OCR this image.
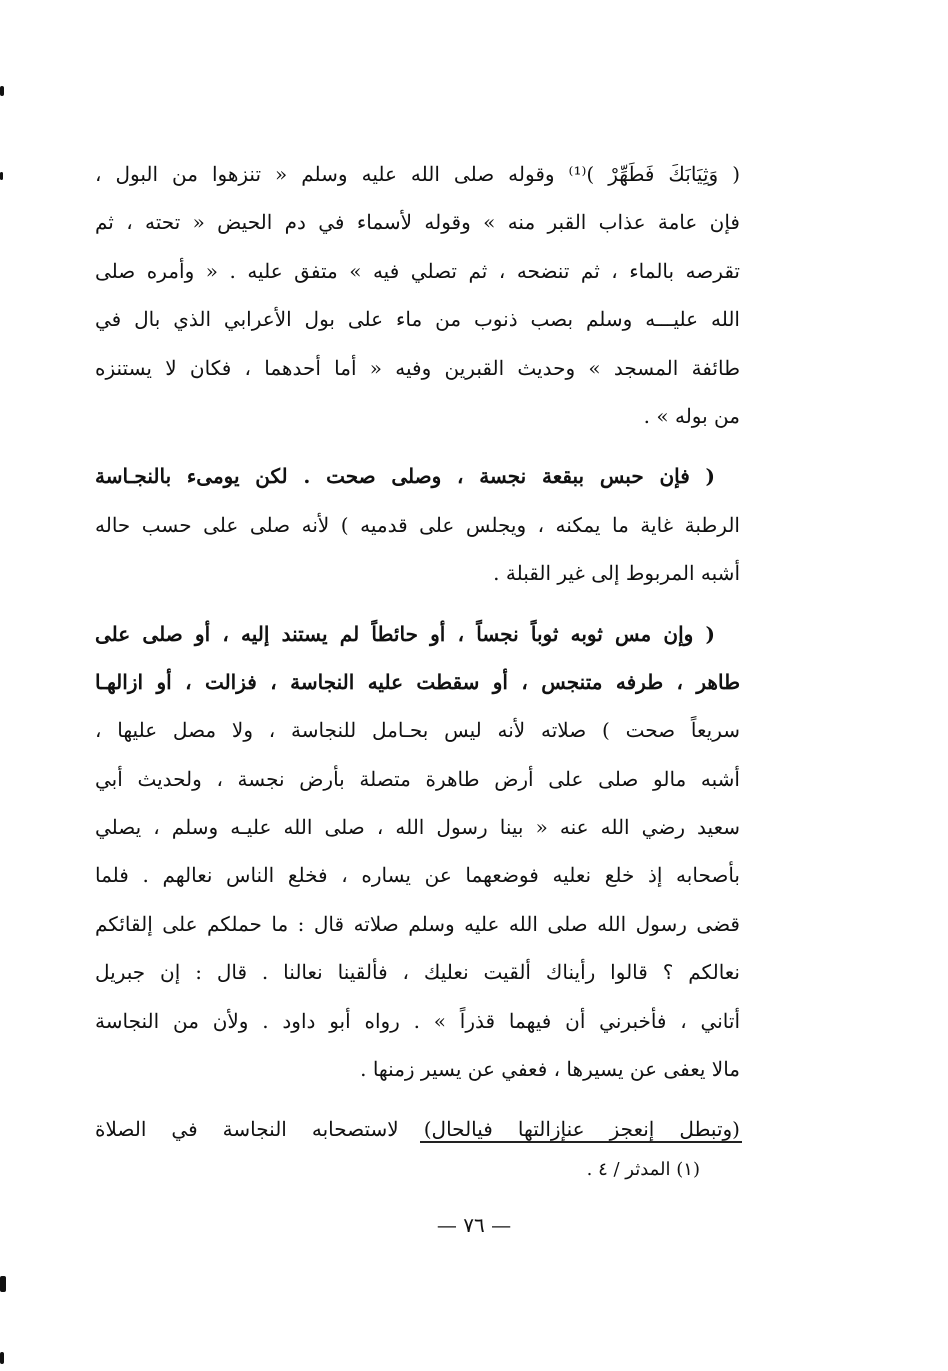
( وَثِيَابَكَ فَطَهِّرْ )⁽¹⁾ وقوله صلى الله عليه وسلم « تنزهوا من البول ،
فإن عامة عذاب القبر منه » وقوله لأسماء في دم الحيض « تحته ، ثم
تقرصه بالماء ، ثم تنضحه ، ثم تصلي فيه » متفق عليه . « وأمره صلى
الله عليـــه وسلم بصب ذنوب من ماء على بول الأعرابي الذي بال في
طائفة المسجد » وحديث القبرين وفيه « أما أحدهما ، فكان لا يستنزه
من بوله » .
( فإن حبس ببقعة نجسة ، وصلى صحت . لكن يومىء بالنجـاسة
الرطبة غاية ما يمكنه ، ويجلس على قدميه ) لأنه صلى على حسب حاله
أشبه المربوط إلى غير القبلة .
( وإن مس ثوبه ثوباً نجساً ، أو حائطاً لم يستند إليه ، أو صلى على
طاهر ، طرفه متنجس ، أو سقطت عليه النجاسة ، فزالت ، أو ازالهـا
سريعاً صحت ) صلاته لأنه ليس بحـامل للنجاسة ، ولا مصل عليها ،
أشبه مالو صلى على أرض طاهرة متصلة بأرض نجسة ، ولحديث أبي
سعيد رضي الله عنه « بينا رسول الله ، صلى الله عليـه وسلم ، يصلي
بأصحابه إذ خلع نعليه فوضعهما عن يساره ، فخلع الناس نعالهم . فلما
قضى رسول الله صلى الله عليه وسلم صلاته قال : ما حملكم على إلقائكم
نعالكم ؟ قالوا رأيناك ألقيت نعليك ، فألقينا نعالنا . قال : إن جبريل
أتاني ، فأخبرني أن فيهما قذراً » . رواه أبو داود . ولأن من النجاسة
مالا يعفى عن يسيرها ، فعفي عن يسير زمنها .
(وتبطل إنعجز عنإزالتها فيالحال) لاستصحابه النجاسة في الصلاة
(١) المدثر / ٤ .
— ٧٦ —
